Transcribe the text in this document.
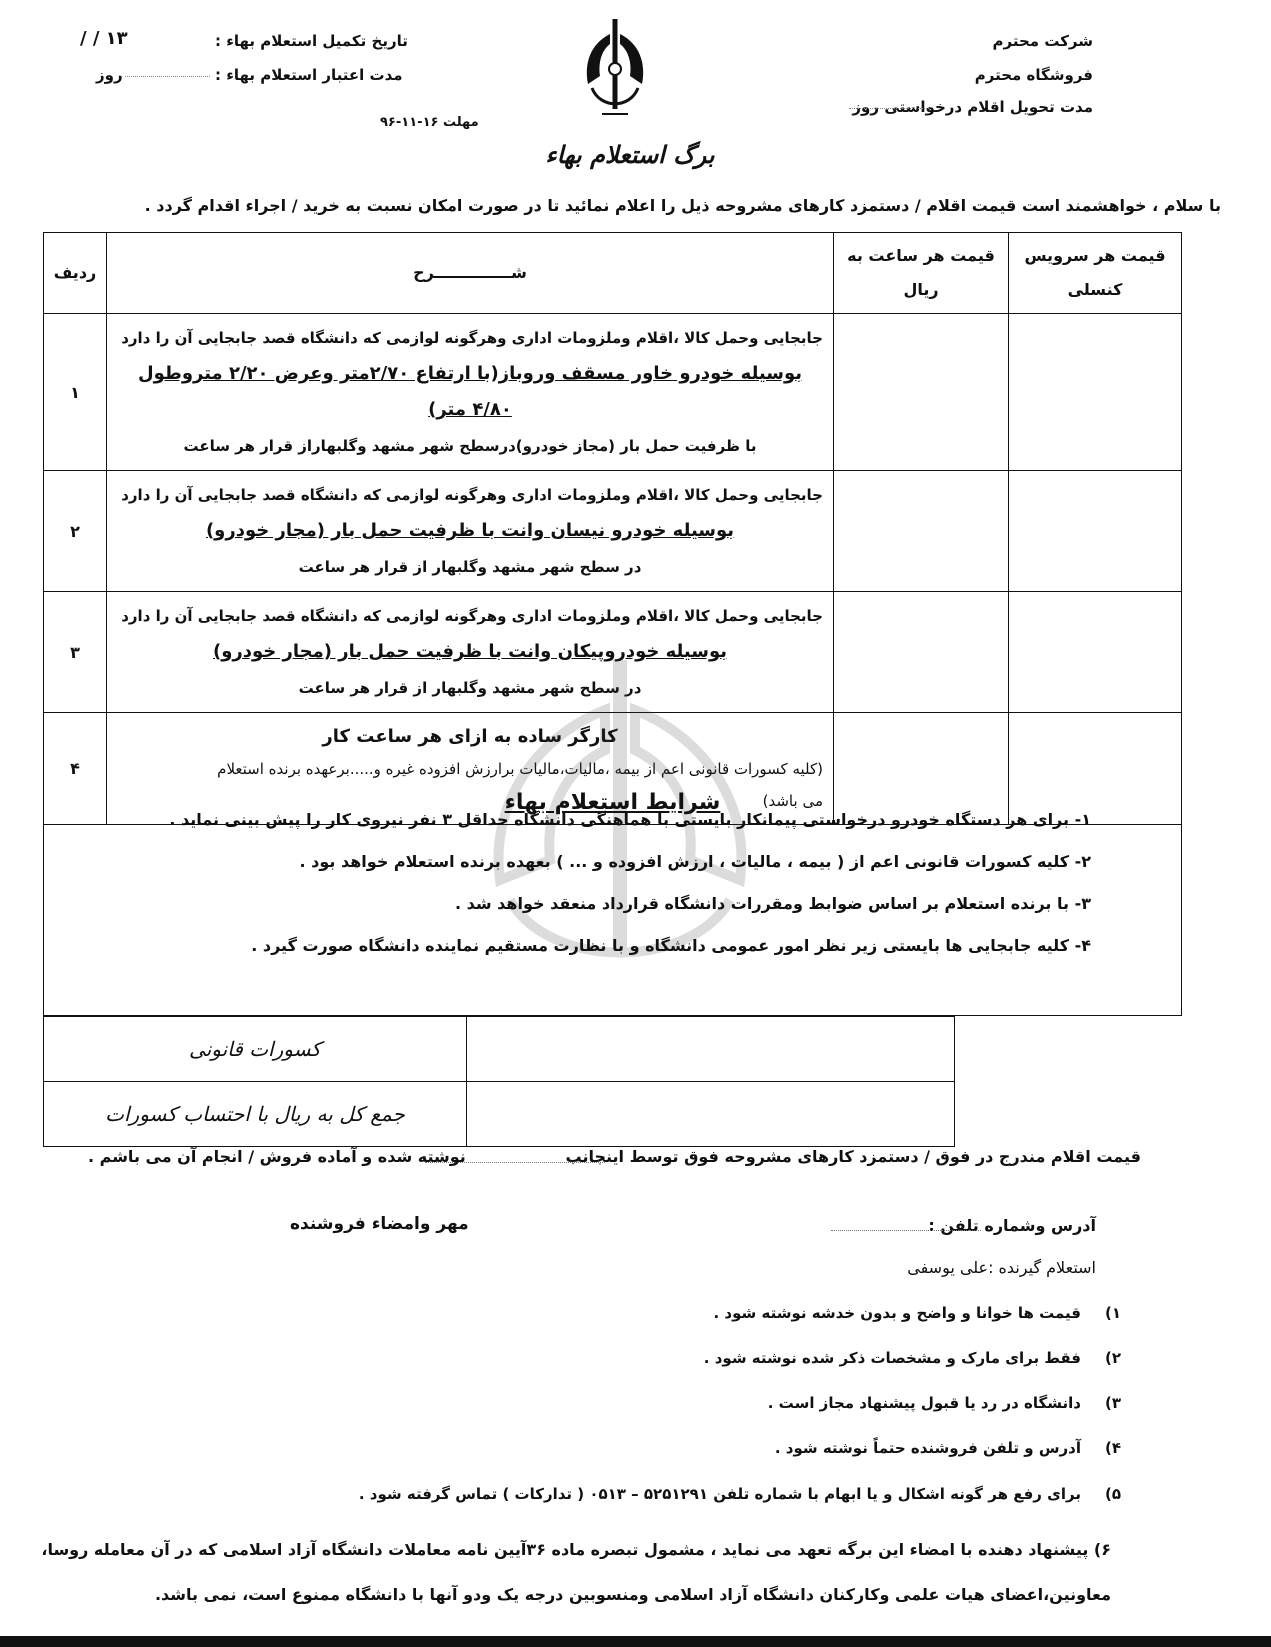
شرکت محترم
فروشگاه محترم
مدت تحویل اقلام درخواستی
روز
تاریخ تکمیل استعلام بهاء :
/ / ۱۳
مدت اعتبار استعلام بهاء :
روز
مهلت ۱۶-۱۱-۹۶
برگ استعلام بهاء
با سلام ، خواهشمند است قیمت اقلام / دستمزد کارهای مشروحه ذیل را اعلام نمائید تا در صورت امکان نسبت به خرید / اجراء اقدام گردد .
قیمت هر سرویس کنسلی	قیمت هر ساعت به ریال	شــــــــــــــرح	ردیف

		جابجایی وحمل کالا ،اقلام وملزومات اداری وهرگونه لوازمی که دانشگاه قصد جابجایی آن را دارد
بوسیله خودرو خاور مسقف وروباز(با ارتفاع ۲/۷۰متر وعرض ۲/۲۰ متروطول ۴/۸۰ متر)
با ظرفیت حمل بار (مجاز خودرو)درسطح شهر مشهد وگلبهاراز قرار هر ساعت	۱

		جابجایی وحمل کالا ،اقلام وملزومات اداری وهرگونه لوازمی که دانشگاه قصد جابجایی آن را دارد
بوسیله خودرو نیسان وانت با ظرفیت حمل بار (مجار خودرو)
در سطح شهر مشهد وگلبهار از قرار هر ساعت	۲

		جابجایی وحمل کالا ،اقلام وملزومات اداری وهرگونه لوازمی که دانشگاه قصد جابجایی آن را دارد
بوسیله خودروپیکان وانت با ظرفیت حمل بار (مجار خودرو)
در سطح شهر مشهد وگلبهار از قرار هر ساعت	۳

		کارگر ساده به ازای هر ساعت کار
(کلیه کسورات قانونی اعم از بیمه ،مالیات،مالیات برارزش افزوده غیره و.....برعهده برنده استعلام
می باشد)	۴
شرایط استعلام بهاء
۱- برای هر دستگاه خودرو درخواستی پیمانکار بایستی با هماهنگی دانشگاه حداقل ۳ نفر نیروی کار را پیش بینی نماید .
۲- کلیه کسورات قانونی اعم از ( بیمه ، مالیات ، ارزش افزوده و ... ) بعهده برنده استعلام خواهد بود .
۳- با برنده استعلام بر اساس ضوابط ومقررات دانشگاه قرارداد منعقد خواهد شد .
۴- کلیه جابجایی ها بایستی زیر نظر امور عمومی دانشگاه و با نظارت مستقیم نماینده دانشگاه صورت گیرد .
	کسورات قانونی
	جمع کل به ریال با احتساب کسورات
قیمت اقلام مندرج در فوق / دستمزد کارهای مشروحه فوق توسط اینجانب
نوشته شده و آماده فروش / انجام آن می باشم .
آدرس وشماره تلفن :
مهر وامضاء فروشنده
استعلام گیرنده :علی یوسفی
۱)قیمت ها خوانا و واضح و بدون خدشه نوشته شود .
۲)فقط برای مارک و مشخصات ذکر شده نوشته شود .
۳)دانشگاه در رد یا قبول پیشنهاد مجاز است .
۴)آدرس و تلفن فروشنده حتماً نوشته شود .
۵)برای رفع هر گونه اشکال و یا ابهام با شماره تلفن ۵۲۵۱۲۹۱ – ۰۵۱۳ ( تدارکات ) تماس گرفته شود .
۶) پیشنهاد دهنده با امضاء این برگه تعهد می نماید ، مشمول تبصره ماده ۳۶آیین نامه معاملات دانشگاه آزاد اسلامی که در آن معامله روسا،
معاونین،اعضای هیات علمی وکارکنان دانشگاه آزاد اسلامی ومنسوبین درجه یک ودو آنها با دانشگاه ممنوع است، نمی باشد.
